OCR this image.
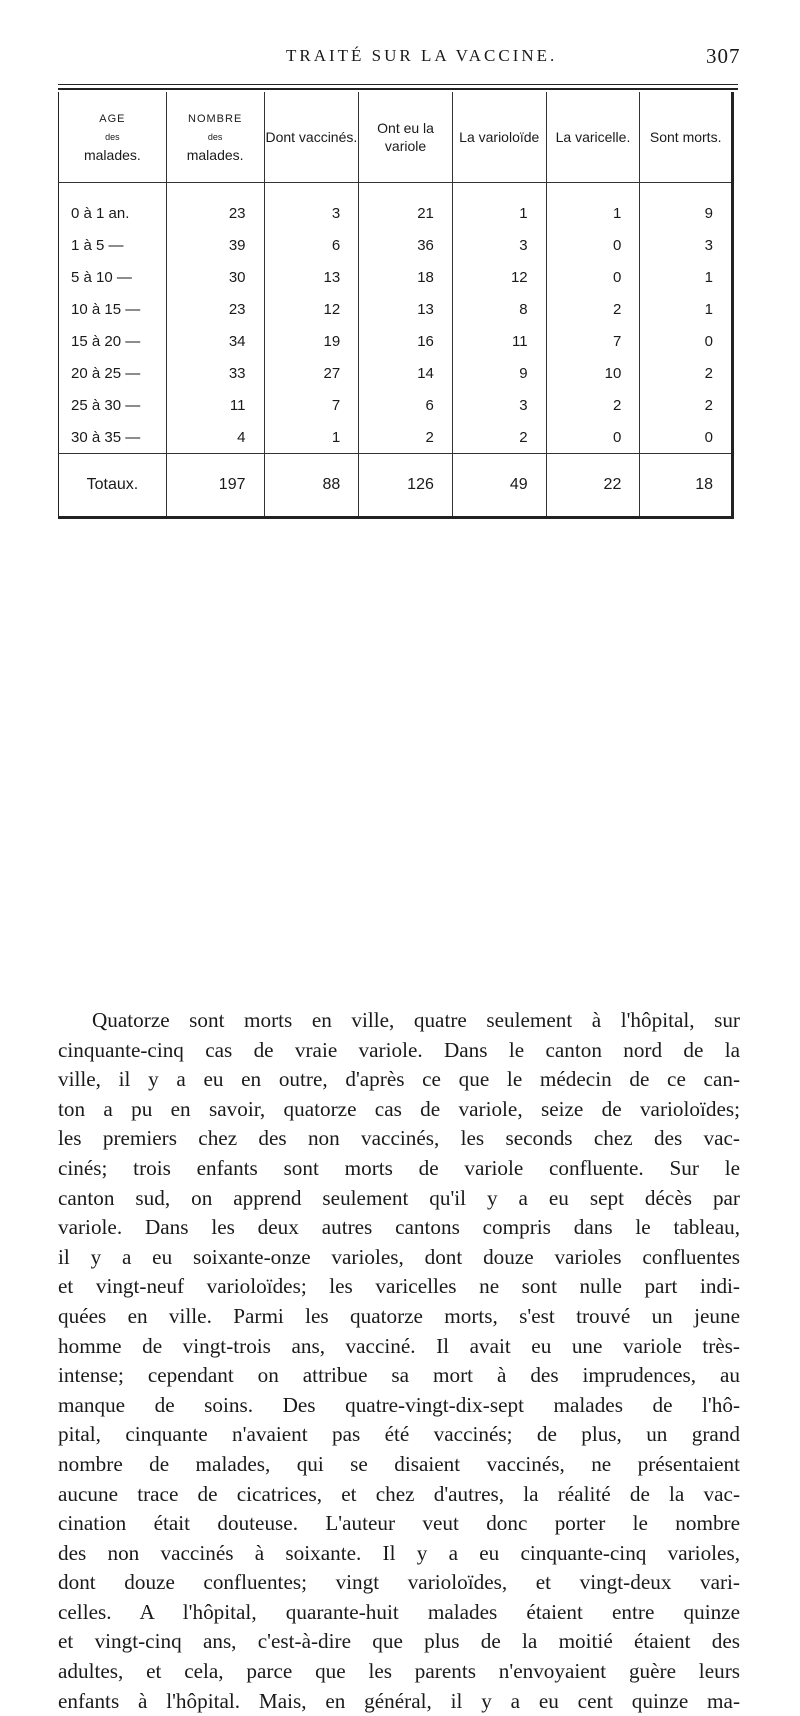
TRAITÉ SUR LA VACCINE.	307
AGE
des
malades.	NOMBRE
des
malades.	Dont vaccinés.	Ont eu la variole	La varioloïde	La varicelle.	Sont morts.

0 à 1 an.	23	3	21	1	1	9
1 à 5 —	39	6	36	3	0	3
5 à 10 —	30	13	18	12	0	1
10 à 15 —	23	12	13	8	2	1
15 à 20 —	34	19	16	11	7	0
20 à 25 —	33	27	14	9	10	2
25 à 30 —	11	7	6	3	2	2
30 à 35 —	4	1	2	2	0	0
Totaux.	197	88	126	49	22	18
Quatorze sont morts en ville, quatre seulement à l'hôpital, sur
cinquante-cinq cas de vraie variole. Dans le canton nord de la
ville, il y a eu en outre, d'après ce que le médecin de ce can-
ton a pu en savoir, quatorze cas de variole, seize de varioloïdes;
les premiers chez des non vaccinés, les seconds chez des vac-
cinés; trois enfants sont morts de variole confluente. Sur le
canton sud, on apprend seulement qu'il y a eu sept décès par
variole. Dans les deux autres cantons compris dans le tableau,
il y a eu soixante-onze varioles, dont douze varioles confluentes
et vingt-neuf varioloïdes; les varicelles ne sont nulle part indi-
quées en ville. Parmi les quatorze morts, s'est trouvé un jeune
homme de vingt-trois ans, vacciné. Il avait eu une variole très-
intense; cependant on attribue sa mort à des imprudences, au
manque de soins. Des quatre-vingt-dix-sept malades de l'hô-
pital, cinquante n'avaient pas été vaccinés; de plus, un grand
nombre de malades, qui se disaient vaccinés, ne présentaient
aucune trace de cicatrices, et chez d'autres, la réalité de la vac-
cination était douteuse. L'auteur veut donc porter le nombre
des non vaccinés à soixante. Il y a eu cinquante-cinq varioles,
dont douze confluentes; vingt varioloïdes, et vingt-deux vari-
celles. A l'hôpital, quarante-huit malades étaient entre quinze
et vingt-cinq ans, c'est-à-dire que plus de la moitié étaient des
adultes, et cela, parce que les parents n'envoyaient guère leurs
enfants à l'hôpital. Mais, en général, il y a eu cent quinze ma-
